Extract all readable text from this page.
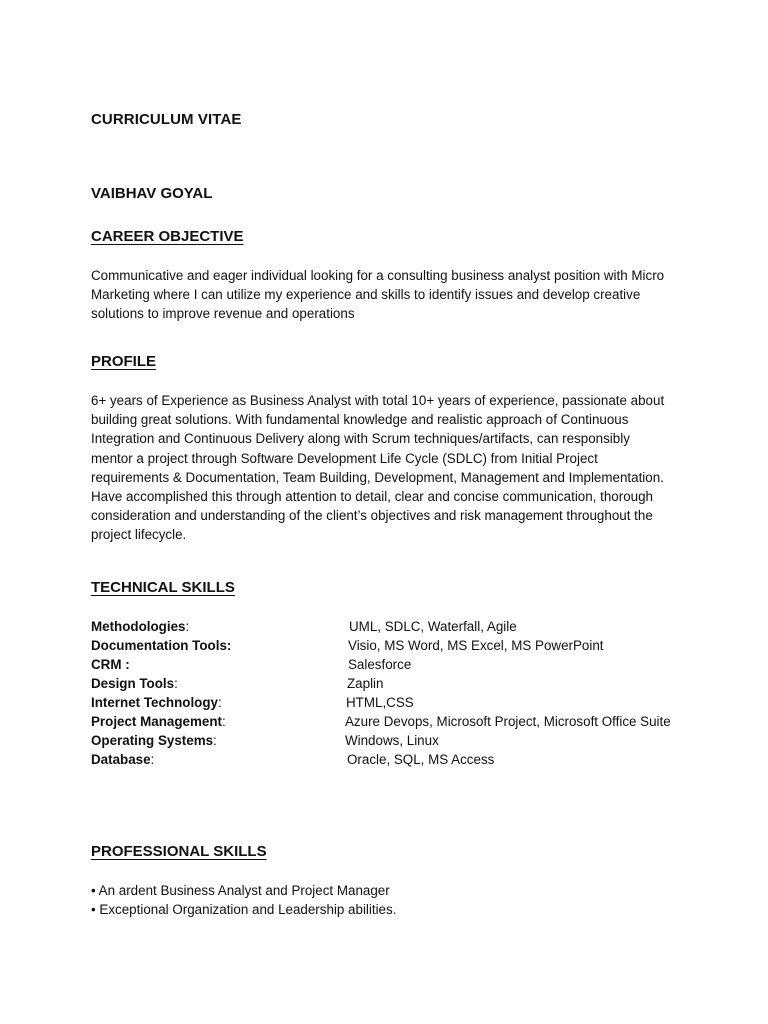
CURRICULUM VITAE
VAIBHAV GOYAL
CAREER OBJECTIVE
Communicative and eager individual looking for a consulting business analyst position with Micro
Marketing where I can utilize my experience and skills to identify issues and develop creative
solutions to improve revenue and operations
PROFILE
6+ years of Experience as Business Analyst with total 10+ years of experience, passionate about
building great solutions. With fundamental knowledge and realistic approach of Continuous
Integration and Continuous Delivery along with Scrum techniques/artifacts, can responsibly
mentor a project through Software Development Life Cycle (SDLC) from Initial Project
requirements & Documentation, Team Building, Development, Management and Implementation.
Have accomplished this through attention to detail, clear and concise communication, thorough
consideration and understanding of the client’s objectives and risk management throughout the
project lifecycle.
TECHNICAL SKILLS
Methodologies:	UML, SDLC, Waterfall, Agile
Documentation Tools:	Visio, MS Word, MS Excel, MS PowerPoint
CRM :	Salesforce
Design Tools:	Zaplin
Internet Technology:	HTML,CSS
Project Management:	Azure Devops, Microsoft Project, Microsoft Office Suite
Operating Systems:	Windows, Linux
Database:	Oracle, SQL, MS Access
PROFESSIONAL SKILLS
• An ardent Business Analyst and Project Manager
• Exceptional Organization and Leadership abilities.
